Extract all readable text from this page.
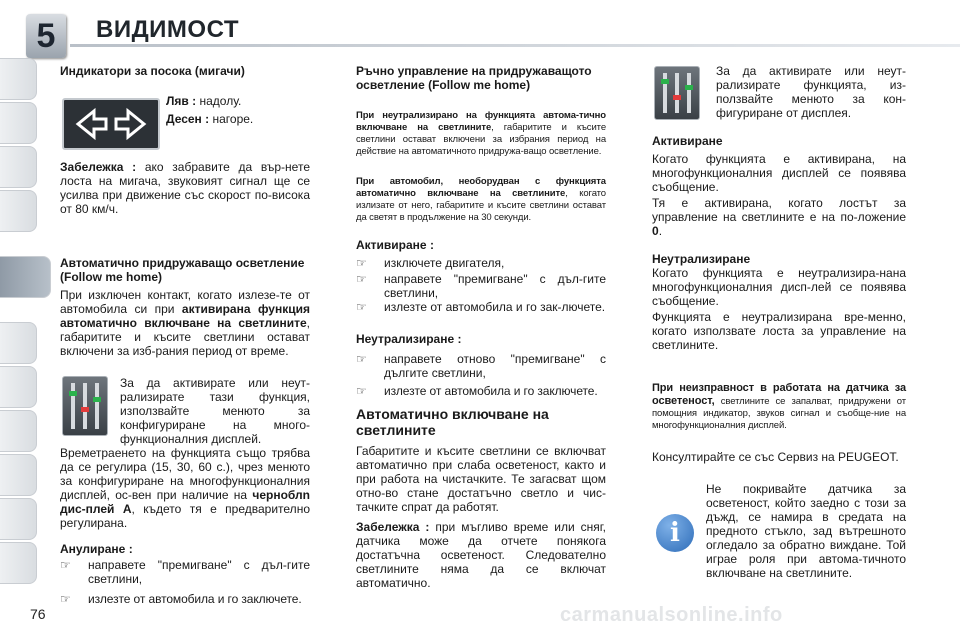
5	ВИДИМОСТ
76	carmanualsonline.info
Индикатори за посока (мигачи)
Ляв : надолу.
Десен : нагоре.
Забележка : ако забравите да вър-нете лоста на мигача, звуковият сигнал ще се усилва при движение със скорост по-висока от 80 км/ч.
Автоматично придружаващо осветление (Follow me home)
При изключен контакт, когато излезе-те от автомобила си при активирана функция автоматично включване на светлините, габаритите и късите светлини остават включени за изб-рания период от време.
За да активирате или неут-рализирате тази функция, използвайте менюто за конфигуриране на много-функционалния дисплей.
Времетраенето на функцията също трябва да се регулира (15, 30, 60 с.), чрез менюто за конфигуриране на многофункционалния дисплей, ос-вен при наличие на черноблn дис-плей А, където тя е предварително регулирана.
Анулиране :
☞ направете "премигване" с дъл-гите светлини,
☞ излезте от автомобила и го заключете.
Ръчно управление на придружаващото осветление (Follow me home)
При неутрализирано на функцията автома-тично включване на светлините, габаритите и късите светлини остават включени за избрания период на действие на автоматичното придружа-ващо осветление.
При автомобил, необорудван с функцията автоматично включване на светлините, когато излизате от него, габаритите и късите светлини остават да светят в продължение на 30 секунди.
Активиране :
☞ изключете двигателя,
☞ направете "премигване" с дъл-гите светлини,
☞ излезте от автомобила и го зак-лючете.
Неутрализиране :
☞ направете отново "премигване" с дългите светлини,
☞ излезте от автомобила и го заключете.
Автоматично включване на светлините
Габаритите и късите светлини се включват автоматично при слаба осветеност, както и при работа на чистачките. Те загасват щом отно-во стане достатъчно светло и чис-тачките спрат да работят.
Забележка : при мъгливо време или сняг, датчика може да отчете понякога достатъчна осветеност. Следователно светлините няма да се включат автоматично.
За да активирате или неут-рализирате функцията, из-ползвайте менюто за кон-фигуриране от дисплея.
Активиране
Когато функцията е активирана, на многофункционалния дисплей се появява съобщение.
Тя е активирана, когато лостът за управление на светлините е на по-ложение 0.
Неутрализиране
Когато функцията е неутрализира-нана многофункционалния дисп-лей се появява съобщение.
Функцията е неутрализирана вре-менно, когато използвате лоста за управление на светлините.
При неизправност в работата на датчика за осветеност, светлините се запалват, придружени от помощния индикатор, звуков сигнал и съобще-ние на многофункционалния дисплей.
Консултирайте се със Сервиз на PEUGEOT.
i
Не покривайте датчика за осветеност, който заедно с този за дъжд, се намира в средата на предното стъкло, зад вътрешното огледало за обратно виждане. Той играе роля при автома-тичното включване на светлините.
